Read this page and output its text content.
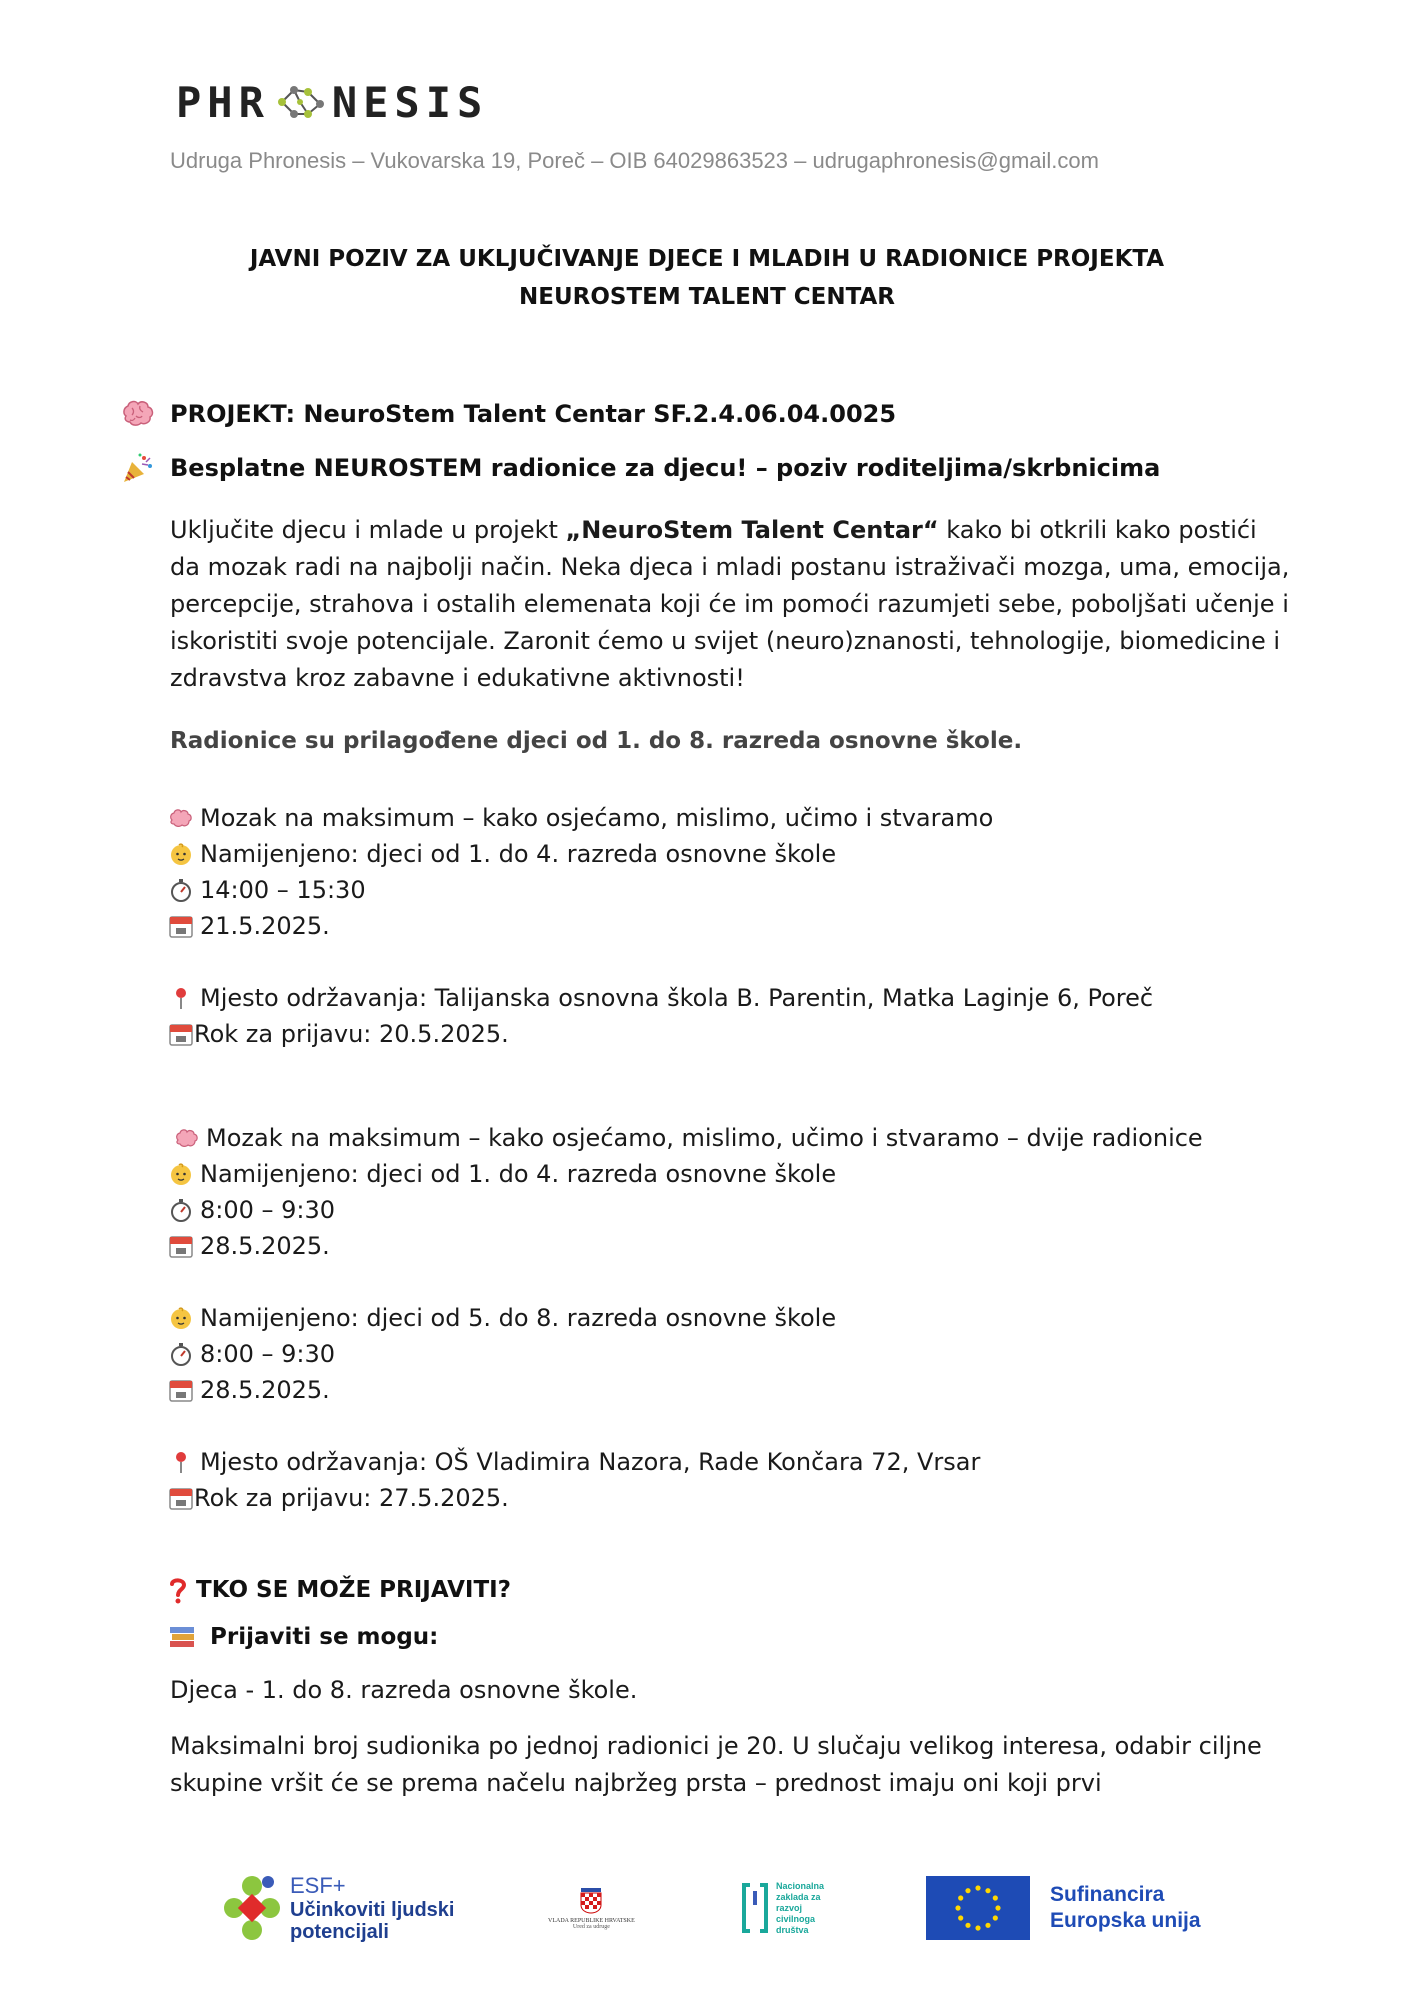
PHR NESIS
Udruga Phronesis – Vukovarska 19, Poreč – OIB 64029863523 – udrugaphronesis@gmail.com
JAVNI POZIV ZA UKLJUČIVANJE DJECE I MLADIH U RADIONICE PROJEKTA
NEUROSTEM TALENT CENTAR
PROJEKT: NeuroStem Talent Centar SF.2.4.06.04.0025
Besplatne NEUROSTEM radionice za djecu! – poziv roditeljima/skrbnicima
Uključite djecu i mlade u projekt „NeuroStem Talent Centar“ kako bi otkrili kako postići da mozak radi na najbolji način. Neka djeca i mladi postanu istraživači mozga, uma, emocija, percepcije, strahova i ostalih elemenata koji će im pomoći razumjeti sebe, poboljšati učenje i iskoristiti svoje potencijale. Zaronit ćemo u svijet (neuro)znanosti, tehnologije, biomedicine i zdravstva kroz zabavne i edukativne aktivnosti!
Radionice su prilagođene djeci od 1. do 8. razreda osnovne škole.
Mozak na maksimum – kako osjećamo, mislimo, učimo i stvaramo
Namijenjeno: djeci od 1. do 4. razreda osnovne škole
14:00 – 15:30
21.5.2025.
Mjesto održavanja: Talijanska osnovna škola B. Parentin, Matka Laginje 6, Poreč
Rok za prijavu: 20.5.2025.
Mozak na maksimum – kako osjećamo, mislimo, učimo i stvaramo – dvije radionice
Namijenjeno: djeci od 1. do 4. razreda osnovne škole
8:00 – 9:30
28.5.2025.
Namijenjeno: djeci od 5. do 8. razreda osnovne škole
8:00 – 9:30
28.5.2025.
Mjesto održavanja: OŠ Vladimira Nazora, Rade Končara 72, Vrsar
Rok za prijavu: 27.5.2025.
TKO SE MOŽE PRIJAVITI?
Prijaviti se mogu:
Djeca - 1. do 8. razreda osnovne škole.
Maksimalni broj sudionika po jednoj radionici je 20. U slučaju velikog interesa, odabir ciljne skupine vršit će se prema načelu najbržeg prsta – prednost imaju oni koji prvi
ESF+
Učinkoviti ljudski
potencijali	VLADA REPUBLIKE HRVATSKE
Ured za udruge
Nacionalna
zaklada za
razvoj
civilnoga
društva
Sufinancira
Europska unija
